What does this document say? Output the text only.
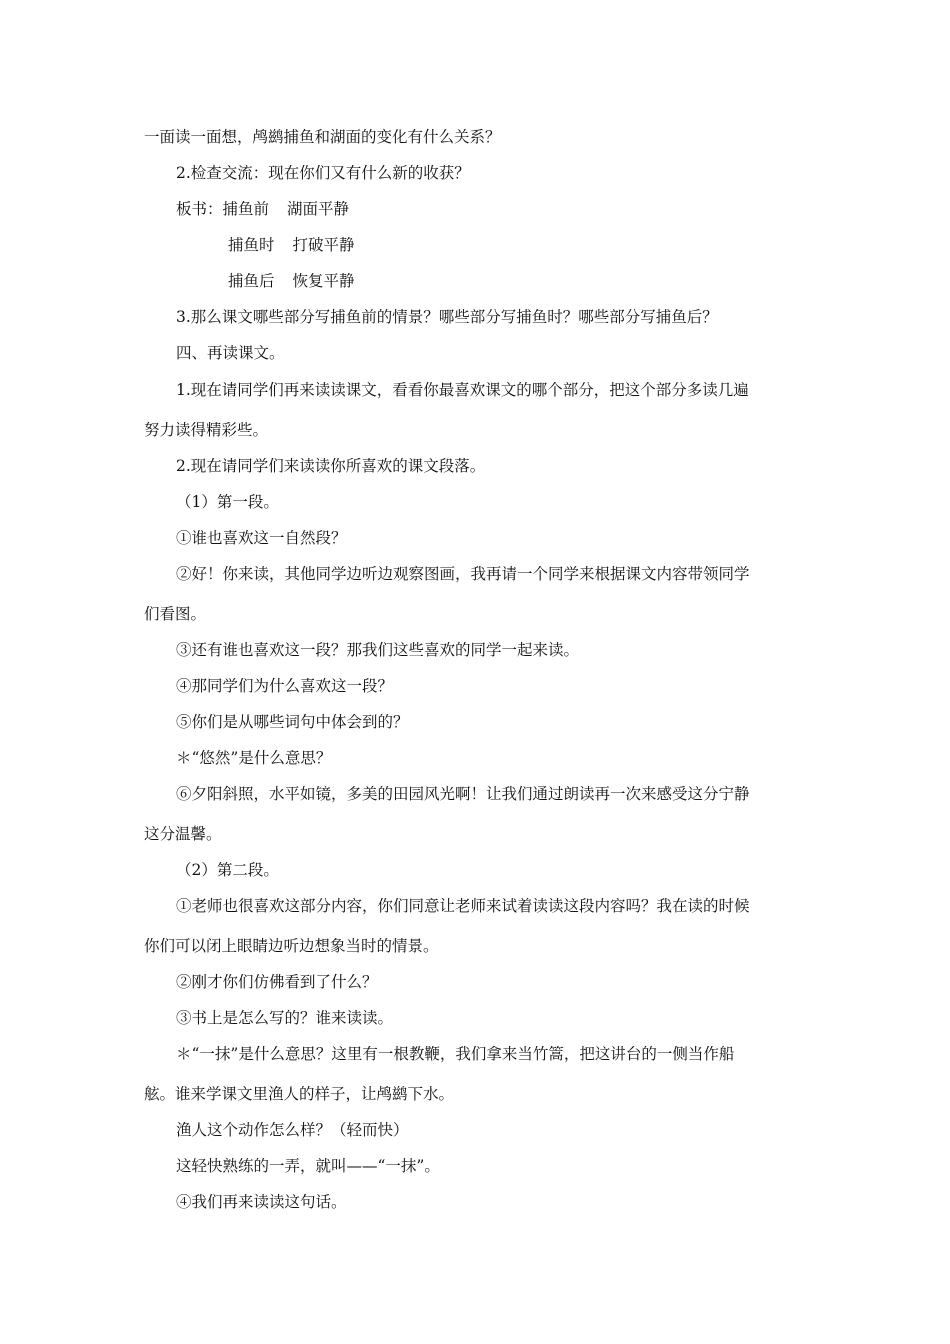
一面读一面想，鸬鹚捕鱼和湖面的变化有什么关系？
2.检查交流：现在你们又有什么新的收获？
板书：捕鱼前 湖面平静
捕鱼时 打破平静
捕鱼后 恢复平静
3.那么课文哪些部分写捕鱼前的情景？哪些部分写捕鱼时？哪些部分写捕鱼后？
四、再读课文。
1.现在请同学们再来读读课文，看看你最喜欢课文的哪个部分，把这个部分多读几遍
努力读得精彩些。
2.现在请同学们来读读你所喜欢的课文段落。
（1）第一段。
①谁也喜欢这一自然段？
②好！你来读，其他同学边听边观察图画，我再请一个同学来根据课文内容带领同学
们看图。
③还有谁也喜欢这一段？那我们这些喜欢的同学一起来读。
④那同学们为什么喜欢这一段？
⑤你们是从哪些词句中体会到的？
＊“悠然”是什么意思？
⑥夕阳斜照，水平如镜，多美的田园风光啊！让我们通过朗读再一次来感受这分宁静
这分温馨。
（2）第二段。
①老师也很喜欢这部分内容，你们同意让老师来试着读读这段内容吗？我在读的时候
你们可以闭上眼睛边听边想象当时的情景。
②刚才你们仿佛看到了什么？
③书上是怎么写的？谁来读读。
＊“一抹”是什么意思？这里有一根教鞭，我们拿来当竹篙，把这讲台的一侧当作船
舷。谁来学课文里渔人的样子，让鸬鹚下水。
渔人这个动作怎么样？（轻而快）
这轻快熟练的一弄，就叫——“一抹”。
④我们再来读读这句话。
